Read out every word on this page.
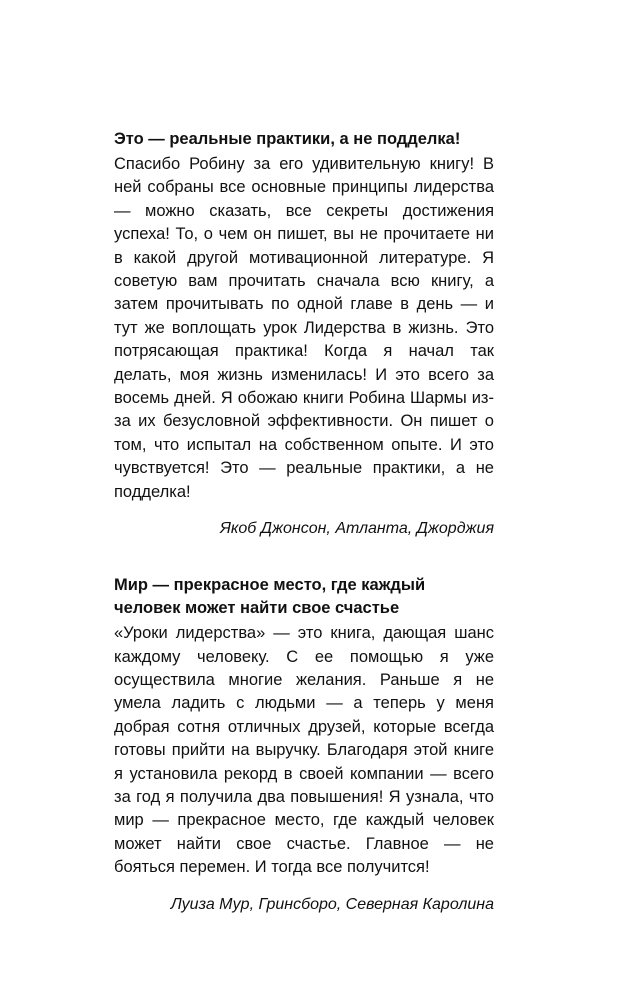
Это — реальные практики, а не подделка!

Спасибо Робину за его удивительную книгу! В ней собраны все основные принципы лидерства — можно сказать, все секреты достижения успеха! То, о чем он пишет, вы не прочитаете ни в какой другой мотивационной литературе. Я советую вам прочитать сначала всю книгу, а затем прочитывать по одной главе в день — и тут же воплощать урок Лидерства в жизнь. Это потрясающая практика! Когда я начал так делать, моя жизнь изменилась! И это всего за восемь дней. Я обожаю книги Робина Шармы из-за их безусловной эффективности. Он пишет о том, что испытал на собственном опыте. И это чувствуется! Это — реальные практики, а не подделка!

Якоб Джонсон, Атланта, Джорджия
Мир — прекрасное место, где каждый человек может найти свое счастье

«Уроки лидерства» — это книга, дающая шанс каждому человеку. С ее помощью я уже осуществила многие желания. Раньше я не умела ладить с людьми — а теперь у меня добрая сотня отличных друзей, которые всегда готовы прийти на выручку. Благодаря этой книге я установила рекорд в своей компании — всего за год я получила два повышения! Я узнала, что мир — прекрасное место, где каждый человек может найти свое счастье. Главное — не бояться перемен. И тогда все получится!

Луиза Мур, Гринсборо, Северная Каролина
